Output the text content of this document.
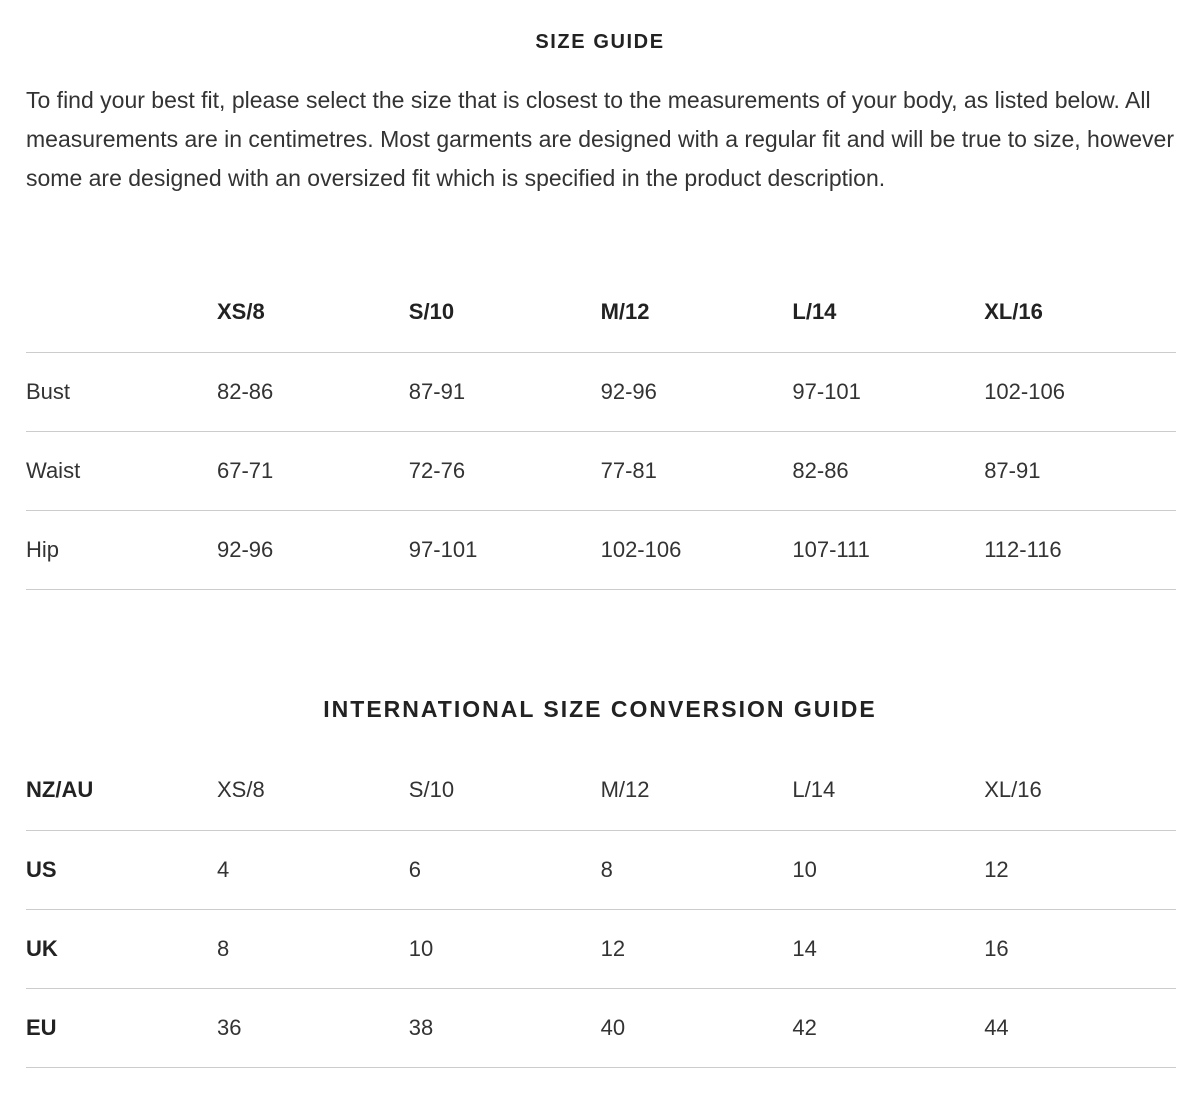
SIZE GUIDE

To find your best fit, please select the size that is closest to the measurements of your body, as listed below. All measurements are in centimetres. Most garments are designed with a regular fit and will be true to size, however some are designed with an oversized fit which is specified in the product description.

	XS/8	S/10	M/12	L/14	XL/16
Bust	82-86	87-91	92-96	97-101	102-106
Waist	67-71	72-76	77-81	82-86	87-91
Hip	92-96	97-101	102-106	107-111	112-116
INTERNATIONAL SIZE CONVERSION GUIDE
NZ/AU	XS/8	S/10	M/12	L/14	XL/16
US	4	6	8	10	12
UK	8	10	12	14	16
EU	36	38	40	42	44
